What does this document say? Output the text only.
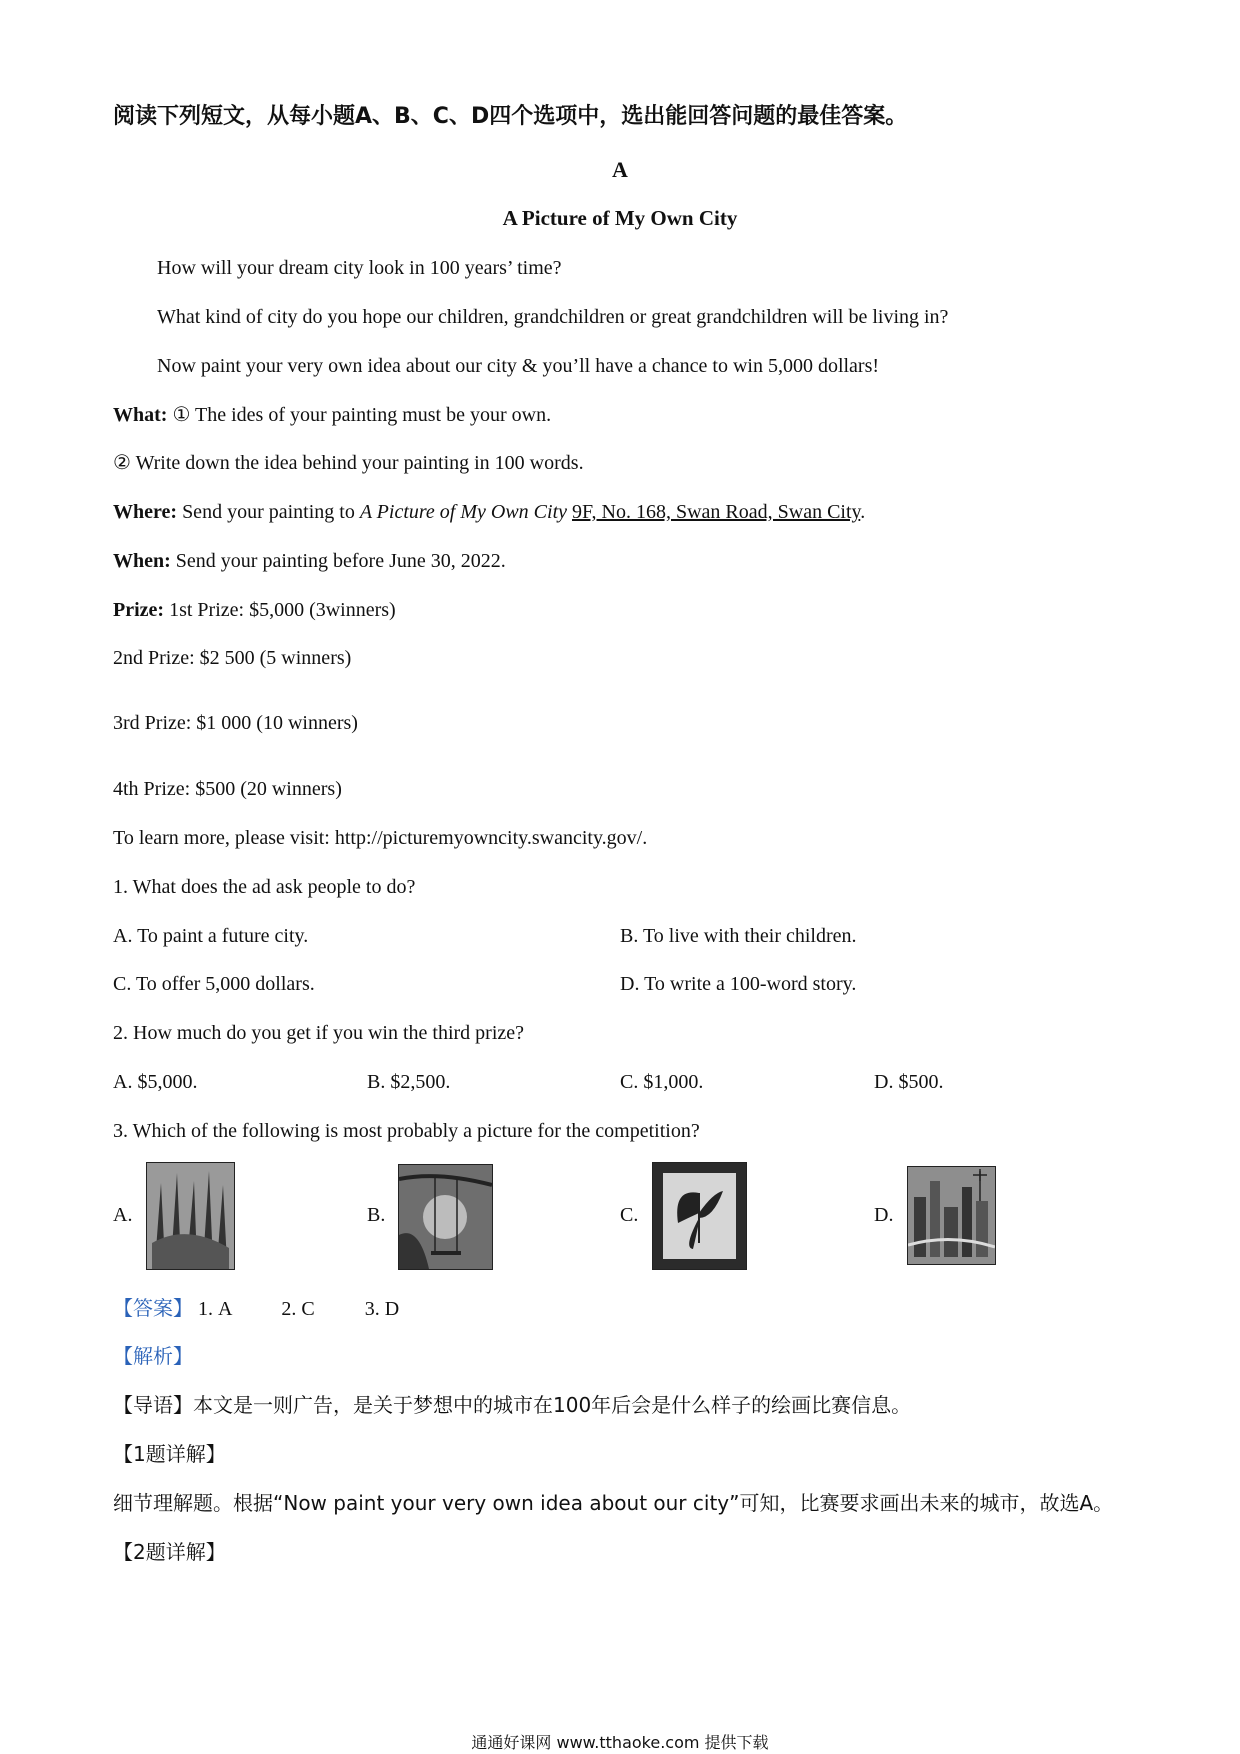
阅读下列短文，从每小题A、B、C、D四个选项中，选出能回答问题的最佳答案。
A
A Picture of My Own City
How will your dream city look in 100 years’ time?
What kind of city do you hope our children, grandchildren or great grandchildren will be living in?
Now paint your very own idea about our city & you’ll have a chance to win 5,000 dollars!
What: ① The ides of your painting must be your own.
② Write down the idea behind your painting in 100 words.
Where: Send your painting to A Picture of My Own City 9F, No. 168, Swan Road, Swan City.
When: Send your painting before June 30, 2022.
Prize: 1st Prize: $5,000 (3winners)
2nd Prize: $2 500 (5 winners)
3rd Prize: $1 000 (10 winners)
4th Prize: $500 (20 winners)
To learn more, please visit: http://picturemyowncity.swancity.gov/.
1. What does the ad ask people to do?
A. To paint a future city.	B. To live with their children.
C. To offer 5,000 dollars.	D. To write a 100-word story.
2. How much do you get if you win the third prize?
A. $5,000.	B. $2,500.	C. $1,000.	D. $500.
3. Which of the following is most probably a picture for the competition?
A.	B.	C.	D.
【答案】 1. A	2. C	3. D
【解析】
【导语】本文是一则广告，是关于梦想中的城市在100年后会是什么样子的绘画比赛信息。
【1题详解】
细节理解题。根据“Now paint your very own idea about our city”可知，比赛要求画出未来的城市，故选A。
【2题详解】
通通好课网 www.tthaoke.com 提供下载
